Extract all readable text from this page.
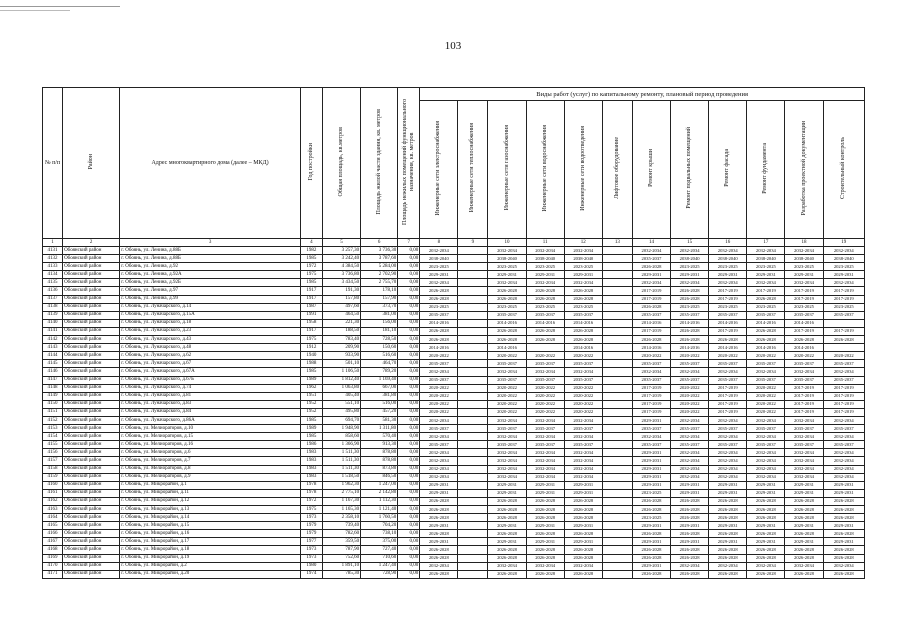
103
№ п/п	Район	Адрес многоквартирного дома (далее – МКД)	Год постройки	Общая площадь, кв.метров	Площадь жилой части здания, кв. метров	Площадь нежилых помещений функционального назначения, кв. метров	Виды работ (услуг) по капитальному ремонту, плановый период проведения											
							Инженерные сети электроснабжения	Инженерные сети теплоснабжения	Инженерные сети газоснабжения	Инженерные сети водоснабжения	Инженерные сети водоотведения	Лифтовое оборудование	Ремонт крыши	Ремонт подвальных помещений	Ремонт фасада	Ремонт фундамента	Разработка проектной документации	Строительный контроль
1	2	3	4	5	6	7	8	9	10	11	12	13	14	15	16	17	18	19
4131	Обоянский район	г. Обоянь, ул. Ленина, д.88Б	1982	3 257,30	3 736,30	0,00	2032-2034		2032-2034	2032-2034	2032-2034		2032-2034	2032-2034	2032-2034	2032-2034	2032-2034	2032-2034
4132	Обоянский район	г. Обоянь, ул. Ленина, д.88Б	1985	3 242,40	3 787,60	0,00	2038-2040		2038-2040	2038-2040	2038-2040		2035-2037	2038-2040	2038-2040	2038-2040	2038-2040	2038-2040
4133	Обоянский район	г. Обоянь, ул. Ленина, д.92	1972	4 384,50	5 284,00	0,00	2023-2025		2023-2025	2023-2025	2023-2025		2026-2028	2023-2025	2023-2025	2023-2025	2023-2025	2023-2025
4134	Обоянский район	г. Обоянь, ул. Ленина, д.92А	1975	3 736,80	2 702,90	0,00	2029-2031		2029-2031	2029-2031	2029-2031		2029-2031	2029-2031	2029-2031	2029-2031	2029-2031	2029-2031
4135	Обоянский район	г. Обоянь, ул. Ленина, д.92Б	1985	3 434,50	2 755,70	0,00	2032-2034		2032-2034	2032-2034	2032-2034		2032-2034	2032-2034	2032-2034	2032-2034	2032-2034	2032-2034
4136	Обоянский район	г. Обоянь, ул. Ленина, д.97	1917	191,30	178,10	0,00	2026-2028		2026-2028	2026-2028	2026-2028		2017-2019	2026-2028	2017-2019	2017-2019	2017-2019	2017-2019
4137	Обоянский район	г. Обоянь, ул. Ленина, д.99	1917	157,80	157,90	0,00	2026-2028		2026-2028	2026-2028	2026-2028		2017-2019	2026-2028	2017-2019	2026-2028	2017-2019	2017-2019
4138	Обоянский район	г. Обоянь, ул. Луначарского, д.14	1987	497,60	373,70	0,00	2023-2025		2023-2025	2023-2025	2023-2025		2026-2028	2023-2025	2023-2025	2023-2025	2023-2025	2023-2025
4139	Обоянский район	г. Обоянь, ул. Луначарского, д.15А	1991	464,50	381,00	0,00	2035-2037		2035-2037	2035-2037	2035-2037		2035-2037	2035-2037	2035-2037	2035-2037	2035-2037	2035-2037
4140	Обоянский район	г. Обоянь, ул. Луначарского, д.18	1958	221,30	156,00	0,00	2014-2016		2014-2016	2014-2016	2014-2016		2014-2016	2014-2016	2014-2016	2014-2016	2014-2016	
4141	Обоянский район	г. Обоянь, ул. Луначарского, д.23	1917	188,50	181,10	0,00	2026-2028		2026-2028	2026-2028	2026-2028		2017-2019	2026-2028	2017-2019	2026-2028	2017-2019	2017-2019
4142	Обоянский район	г. Обоянь, ул. Луначарского, д.43	1975	783,40	728,50	0,00	2026-2028		2026-2028	2026-2028	2026-2028		2026-2028	2026-2028	2026-2028	2026-2028	2026-2028	2026-2028
4143	Обоянский район	г. Обоянь, ул. Луначарского, д.48	1912	209,90	150,60	0,00	2014-2016		2014-2016		2014-2016		2014-2016	2014-2016	2014-2016	2014-2016	2014-2016	
4144	Обоянский район	г. Обоянь, ул. Луначарского, д.62	1940	933,90	516,60	0,00	2020-2022		2020-2022	2020-2022	2020-2022		2020-2022	2020-2022	2020-2022	2020-2022	2020-2022	2020-2022
4145	Обоянский район	г. Обоянь, ул. Луначарского, д.67	1988	501,10	464,70	0,00	2035-2037		2035-2037	2035-2037	2035-2037		2035-2037	2035-2037	2035-2037	2035-2037	2035-2037	2035-2037
4146	Обоянский район	г. Обоянь, ул. Луначарского, д.67А	1985	1 106,50	789,20	0,00	2032-2034		2032-2034	2032-2034	2032-2034		2032-2034	2032-2034	2032-2034	2032-2034	2032-2034	2032-2034
4147	Обоянский район	г. Обоянь, ул. Луначарского, д.67Б	1989	1 812,40	1 169,40	0,00	2035-2037		2035-2037	2035-2037	2035-2037		2035-2037	2035-2037	2035-2037	2035-2037	2035-2037	2035-2037
4148	Обоянский район	г. Обоянь, ул. Луначарского, д.74	1962	1 063,80	667,00	0,00	2020-2022		2020-2022	2020-2022	2020-2022		2017-2019	2020-2022	2017-2019	2020-2022	2017-2019	2017-2019
4149	Обоянский район	г. Обоянь, ул. Луначарского, д.81	1951	405,40	381,80	0,00	2020-2022		2020-2022	2020-2022	2020-2022		2017-2019	2020-2022	2017-2019	2020-2022	2017-2019	2017-2019
4150	Обоянский район	г. Обоянь, ул. Луначарского, д.83	1952	551,10	516,00	0,00	2020-2022		2020-2022	2020-2022	2020-2022		2017-2019	2020-2022	2017-2019	2020-2022	2017-2019	2017-2019
4151	Обоянский район	г. Обоянь, ул. Луначарского, д.84	1952	495,80	457,20	0,00	2020-2022		2020-2022	2020-2022	2020-2022		2017-2019	2020-2022	2017-2019	2020-2022	2017-2019	2017-2019
4152	Обоянский район	г. Обоянь, ул. Луначарского, д.86А	1985	694,70	581,30	0,00	2032-2034		2032-2034	2032-2034	2032-2034		2029-2031	2032-2034	2032-2034	2032-2034	2032-2034	2032-2034
4153	Обоянский район	г. Обоянь, ул. Мелиораторов, д.10	1989	1 948,90	1 311,80	0,00	2035-2037		2035-2037	2035-2037	2035-2037		2035-2037	2035-2037	2035-2037	2035-2037	2035-2037	2035-2037
4154	Обоянский район	г. Обоянь, ул. Мелиораторов, д.15	1985	858,60	570,40	0,00	2032-2034		2032-2034	2032-2034	2032-2034		2032-2034	2032-2034	2032-2034	2032-2034	2032-2034	2032-2034
4155	Обоянский район	г. Обоянь, ул. Мелиораторов, д.16	1986	1 366,90	913,30	0,00	2035-2037		2035-2037	2035-2037	2035-2037		2035-2037	2035-2037	2035-2037	2035-2037	2035-2037	2035-2037
4156	Обоянский район	г. Обоянь, ул. Мелиораторов, д.6	1983	1 511,30	878,80	0,00	2032-2034		2032-2034	2032-2034	2032-2034		2029-2031	2032-2034	2032-2034	2032-2034	2032-2034	2032-2034
4157	Обоянский район	г. Обоянь, ул. Мелиораторов, д.7	1983	1 511,30	878,80	0,00	2032-2034		2032-2034	2032-2034	2032-2034		2029-2031	2032-2034	2032-2034	2032-2034	2032-2034	2032-2034
4158	Обоянский район	г. Обоянь, ул. Мелиораторов, д.8	1983	1 511,30	873,80	0,00	2032-2034		2032-2034	2032-2034	2032-2034		2029-2031	2032-2034	2032-2034	2032-2034	2032-2034	2032-2034
4159	Обоянский район	г. Обоянь, ул. Мелиораторов, д.9	1983	1 518,50	846,50	0,00	2032-2034		2032-2034	2032-2034	2032-2034		2029-2031	2032-2034	2032-2034	2032-2034	2032-2034	2032-2034
4160	Обоянский район	г. Обоянь, ул. Микрорайон, д.1	1978	1 962,30	1 247,00	0,00	2029-2031		2029-2031	2029-2031	2029-2031		2029-2031	2029-2031	2029-2031	2029-2031	2029-2031	2029-2031
4161	Обоянский район	г. Обоянь, ул. Микрорайон, д.11	1978	2 775,10	2 142,80	0,00	2029-2031		2029-2031	2029-2031	2029-2031		2023-2025	2029-2031	2029-2031	2029-2031	2029-2031	2029-2031
4162	Обоянский район	г. Обоянь, ул. Микрорайон, д.12	1972	1 167,30	1 112,30	0,00	2026-2028		2026-2028	2026-2028	2026-2028		2026-2028	2026-2028	2026-2028	2026-2028	2026-2028	2026-2028
4163	Обоянский район	г. Обоянь, ул. Микрорайон, д.13	1975	1 165,30	1 121,40	0,00	2026-2028		2026-2028	2026-2028	2026-2028		2026-2028	2026-2028	2026-2028	2026-2028	2026-2028	2026-2028
4164	Обоянский район	г. Обоянь, ул. Микрорайон, д.14	1973	2 358,10	1 760,50	0,00	2026-2028		2026-2028	2026-2028	2026-2028		2023-2025	2026-2028	2026-2028	2026-2028	2026-2028	2026-2028
4165	Обоянский район	г. Обоянь, ул. Микрорайон, д.15	1979	739,40	704,20	0,00	2029-2031		2029-2031	2029-2031	2029-2031		2029-2031	2029-2031	2029-2031	2029-2031	2029-2031	2029-2031
4166	Обоянский район	г. Обоянь, ул. Микрорайон, д.16	1979	782,60	738,10	0,00	2026-2028		2026-2028	2026-2028	2026-2028		2026-2028	2026-2028	2026-2028	2026-2028	2026-2028	2026-2028
4167	Обоянский район	г. Обоянь, ул. Микрорайон, д.17	1977	359,50	375,00	0,00	2029-2031		2029-2031	2029-2031	2029-2031		2029-2031	2029-2031	2029-2031	2029-2031	2029-2031	2029-2031
4168	Обоянский район	г. Обоянь, ул. Микрорайон, д.18	1973	787,90	727,40	0,00	2026-2028		2026-2028	2026-2028	2026-2028		2026-2028	2026-2028	2026-2028	2026-2028	2026-2028	2026-2028
4169	Обоянский район	г. Обоянь, ул. Микрорайон, д.19	1973	752,60	710,60	0,00	2026-2028		2026-2028	2026-2028	2026-2028		2026-2028	2026-2028	2026-2028	2026-2028	2026-2028	2026-2028
4170	Обоянский район	г. Обоянь, ул. Микрорайон, д.2	1980	1 891,10	1 247,40	0,00	2032-2034		2032-2034	2032-2034	2032-2034		2029-2031	2032-2034	2032-2034	2032-2034	2032-2034	2032-2034
4171	Обоянский район	г. Обоянь, ул. Микрорайон, д.20	1974	785,30	728,90	0,00	2026-2028		2026-2028	2026-2028	2026-2028		2026-2028	2026-2028	2026-2028	2026-2028	2026-2028	2026-2028
